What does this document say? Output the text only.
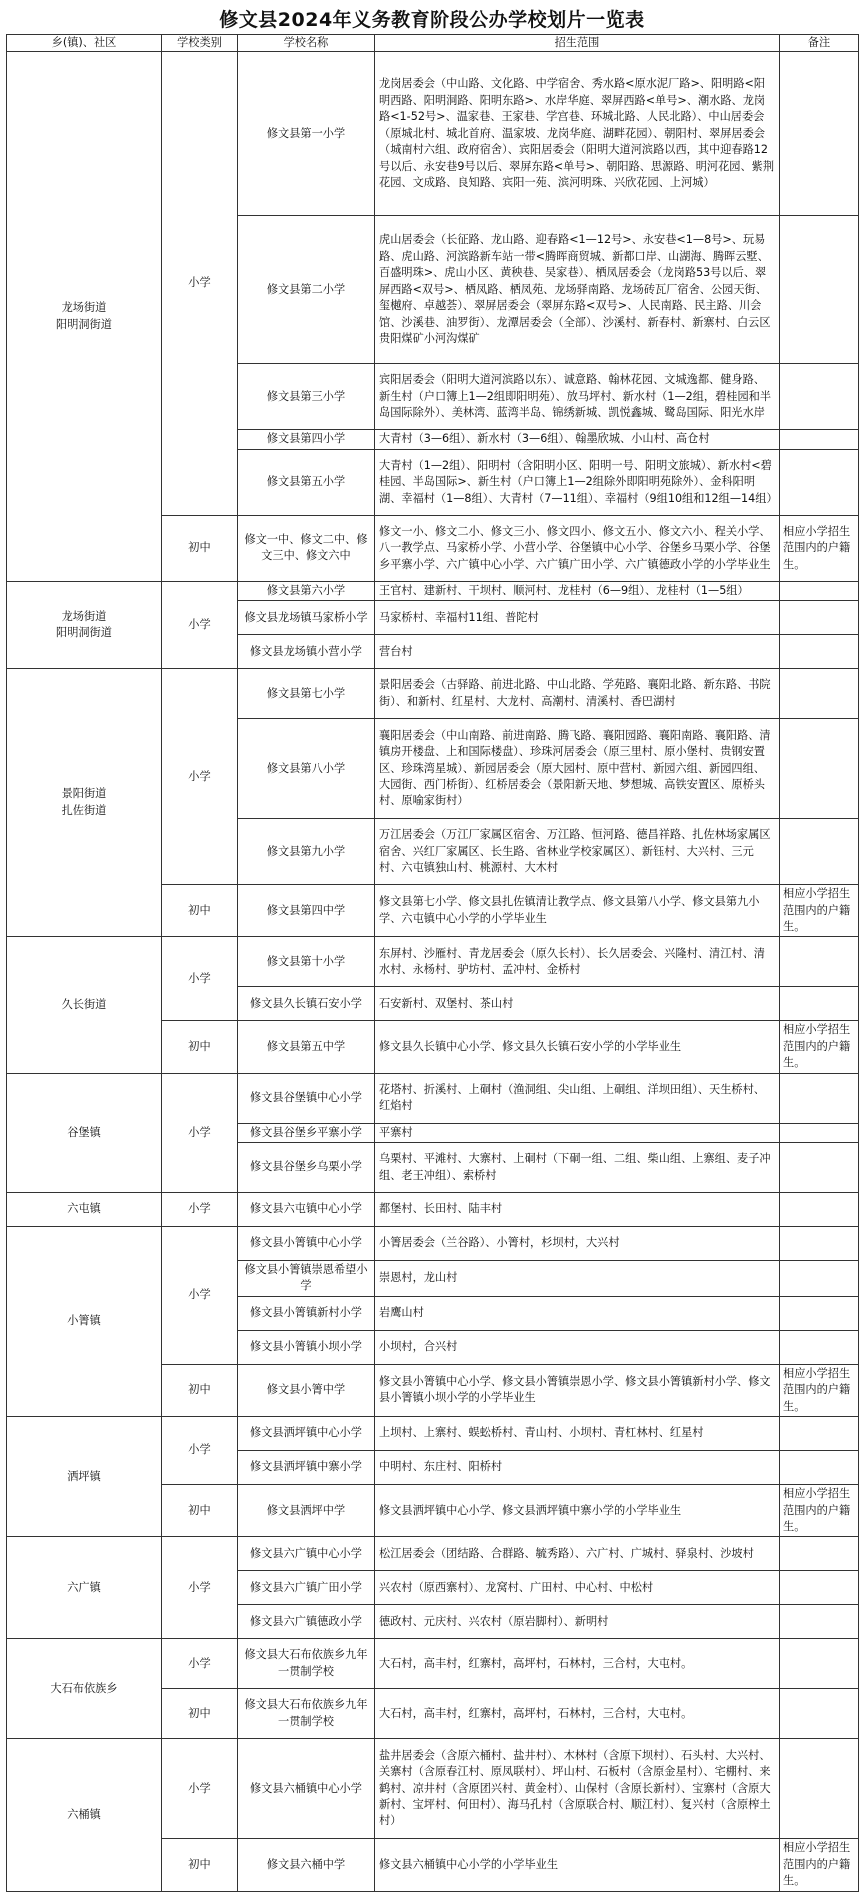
修文县2024年义务教育阶段公办学校划片一览表
乡(镇)、社区	学校类别	学校名称	招生范围	备注
龙场街道
阳明洞街道	小学	修文县第一小学	龙岗居委会（中山路、文化路、中学宿舍、秀水路<原水泥厂路>、阳明路<阳明西路、阳明洞路、阳明东路>、水岸华庭、翠屏西路<单号>、潮水路、龙岗路<1-52号>、温家巷、王家巷、学宫巷、环城北路、人民北路）、中山居委会（原城北村、城北首府、温家坡、龙岗华庭、湖畔花园）、朝阳村、翠屏居委会（城南村六组、政府宿舍）、宾阳居委会（阳明大道河滨路以西，其中迎春路12号以后、永安巷9号以后、翠屏东路<单号>、朝阳路、思源路、明河花园、紫荆花园、文成路、良知路、宾阳一苑、滨河明珠、兴欣花园、上河城）	
		修文县第二小学	虎山居委会（长征路、龙山路、迎春路<1—12号>、永安巷<1—8号>、玩易路、虎山路、河滨路新车站一带<腾晖商贸城、新都口岸、山湖海、腾晖云墅、百盛明珠>、虎山小区、黄秧巷、吴家巷）、栖凤居委会（龙岗路53号以后、翠屏西路<双号>、栖凤路、栖凤苑、龙场驿南路、龙场砖瓦厂宿舍、公园天街、玺樾府、卓越荟）、翠屏居委会（翠屏东路<双号>、人民南路、民主路、川会馆、沙溪巷、油罗街）、龙潭居委会（全部）、沙溪村、新春村、新寨村、白云区贵阳煤矿小河沟煤矿	
		修文县第三小学	宾阳居委会（阳明大道河滨路以东）、诚意路、翰林花园、文城逸都、健身路、新生村（户口簿上1—2组即阳明苑）、放马坪村、新水村（1—2组，碧桂园和半岛国际除外）、美林湾、蓝湾半岛、锦绣新城、凯悦鑫城、鹭岛国际、阳光水岸	
		修文县第四小学	大青村（3—6组）、新水村（3—6组）、翰墨欣城、小山村、高仓村	
		修文县第五小学	大青村（1—2组）、阳明村（含阳明小区、阳明一号、阳明文旅城）、新水村<碧桂园、半岛国际>、新生村（户口簿上1—2组除外即阳明苑除外）、金科阳明湖、幸福村（1—8组）、大青村（7—11组）、幸福村（9组10组和12组—14组）	
	初中	修文一中、修文二中、修文三中、修文六中	修文一小、修文二小、修文三小、修文四小、修文五小、修文六小、程关小学、八一教学点、马家桥小学、小营小学、谷堡镇中心小学、谷堡乡马栗小学、谷堡乡平寨小学、六广镇中心小学、六广镇广田小学、六广镇德政小学的小学毕业生	相应小学招生范围内的户籍生。
龙场街道
阳明洞街道	小学	修文县第六小学	王官村、建新村、干坝村、顺河村、龙桂村（6—9组）、龙桂村（1—5组）	
		修文县龙场镇马家桥小学	马家桥村、幸福村11组、普陀村	
		修文县龙场镇小营小学	营台村	
景阳街道
扎佐街道	小学	修文县第七小学	景阳居委会（古驿路、前进北路、中山北路、学苑路、襄阳北路、新东路、书院街）、和新村、红星村、大龙村、高潮村、清溪村、香巴湖村	
		修文县第八小学	襄阳居委会（中山南路、前进南路、腾飞路、襄阳园路、襄阳南路、襄阳路、清镇房开楼盘、上和国际楼盘）、珍珠河居委会（原三里村、原小堡村、贵钢安置区、珍珠湾星城）、新园居委会（原大园村、原中营村、新园六组、新园四组、大园街、西门桥街）、红桥居委会（景阳新天地、梦想城、高铁安置区、原桥头村、原喻家街村）	
		修文县第九小学	万江居委会（万江厂家属区宿舍、万江路、恒河路、德昌祥路、扎佐林场家属区宿舍、兴红厂家属区、长生路、省林业学校家属区）、新钰村、大兴村、三元村、六屯镇独山村、桃源村、大木村	
	初中	修文县第四中学	修文县第七小学、修文县扎佐镇清让教学点、修文县第八小学、修文县第九小学、六屯镇中心小学的小学毕业生	相应小学招生范围内的户籍生。
久长街道	小学	修文县第十小学	东屏村、沙雁村、青龙居委会（原久长村）、长久居委会、兴隆村、清江村、清水村、永杨村、驴坊村、孟冲村、金桥村	
		修文县久长镇石安小学	石安新村、双堡村、茶山村	
	初中	修文县第五中学	修文县久长镇中心小学、修文县久长镇石安小学的小学毕业生	相应小学招生范围内的户籍生。
谷堡镇	小学	修文县谷堡镇中心小学	花塔村、折溪村、上硐村（渔洞组、尖山组、上硐组、洋坝田组）、天生桥村、红焰村	
		修文县谷堡乡平寨小学	平寨村	
		修文县谷堡乡乌栗小学	乌栗村、平滩村、大寨村、上硐村（下硐一组、二组、柴山组、上寨组、麦子冲组、老王冲组）、索桥村	
六屯镇	小学	修文县六屯镇中心小学	都堡村、长田村、陆丰村	
小箐镇	小学	修文县小箐镇中心小学	小箐居委会（兰谷路）、小箐村，杉坝村，大兴村	
		修文县小箐镇崇恩希望小学	崇恩村，龙山村	
		修文县小箐镇新村小学	岩鹰山村	
		修文县小箐镇小坝小学	小坝村，合兴村	
	初中	修文县小箐中学	修文县小箐镇中心小学、修文县小箐镇崇恩小学、修文县小箐镇新村小学、修文县小箐镇小坝小学的小学毕业生	相应小学招生范围内的户籍生。
洒坪镇	小学	修文县洒坪镇中心小学	上坝村、上寨村、蜈蚣桥村、青山村、小坝村、青杠林村、红星村	
		修文县洒坪镇中寨小学	中明村、东庄村、阳桥村	
	初中	修文县洒坪中学	修文县洒坪镇中心小学、修文县洒坪镇中寨小学的小学毕业生	相应小学招生范围内的户籍生。
六广镇	小学	修文县六广镇中心小学	松江居委会（团结路、合群路、毓秀路）、六广村、广城村、驿泉村、沙坡村	
		修文县六广镇广田小学	兴农村（原西寨村）、龙窝村、广田村、中心村、中松村	
		修文县六广镇德政小学	德政村、元庆村、兴农村（原岩脚村）、新明村	
大石布依族乡	小学	修文县大石布依族乡九年一贯制学校	大石村，高丰村，红寨村，高坪村，石林村，三合村，大屯村。	
	初中	修文县大石布依族乡九年一贯制学校	大石村，高丰村，红寨村，高坪村，石林村，三合村，大屯村。	
六桶镇	小学	修文县六桶镇中心小学	盐井居委会（含原六桶村、盐井村）、木林村（含原下坝村）、石头村、大兴村、关寨村（含原春江村、原凤联村）、坪山村、石板村（含原金星村）、宅棚村、来鹤村、凉井村（含原团兴村、黄金村）、山保村（含原长新村）、宝寨村（含原大新村、宝坪村、何田村）、海马孔村（含原联合村、顺江村）、复兴村（含原榨土村）	
	初中	修文县六桶中学	修文县六桶镇中心小学的小学毕业生	相应小学招生范围内的户籍生。
